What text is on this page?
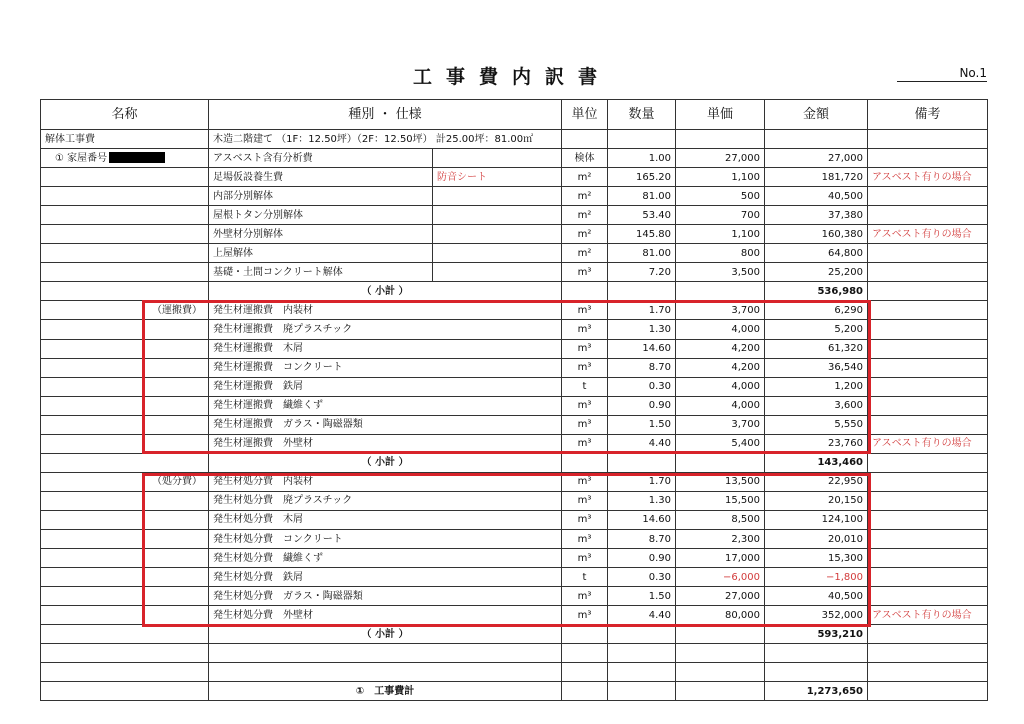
工事費内訳書	No.1
名称	種別 ・ 仕様		単位	数量	単価	金額	備考
解体工事費	木造二階建て （1F：12.50坪）（2F：12.50坪） 計25.00坪：81.00㎡						
① 家屋番号	アスベスト含有分析費		検体	1.00	27,000	27,000	
	足場仮設養生費	防音シート	m²	165.20	1,100	181,720	アスベスト有りの場合
	内部分別解体		m²	81.00	500	40,500	
	屋根トタン分別解体		m²	53.40	700	37,380	
	外壁材分別解体		m²	145.80	1,100	160,380	アスベスト有りの場合
	上屋解体		m²	81.00	800	64,800	
	基礎・土間コンクリート解体		m³	7.20	3,500	25,200	
	（ 小計 ）					536,980	
（運搬費）	発生材運搬費　内装材		m³	1.70	3,700	6,290	
	発生材運搬費　廃プラスチック		m³	1.30	4,000	5,200	
	発生材運搬費　木屑		m³	14.60	4,200	61,320	
	発生材運搬費　コンクリート		m³	8.70	4,200	36,540	
	発生材運搬費　鉄屑		t	0.30	4,000	1,200	
	発生材運搬費　繊維くず		m³	0.90	4,000	3,600	
	発生材運搬費　ガラス・陶磁器類		m³	1.50	3,700	5,550	
	発生材運搬費　外壁材		m³	4.40	5,400	23,760	アスベスト有りの場合
	（ 小計 ）					143,460	
（処分費）	発生材処分費　内装材		m³	1.70	13,500	22,950	
	発生材処分費　廃プラスチック		m³	1.30	15,500	20,150	
	発生材処分費　木屑		m³	14.60	8,500	124,100	
	発生材処分費　コンクリート		m³	8.70	2,300	20,010	
	発生材処分費　繊維くず		m³	0.90	17,000	15,300	
	発生材処分費　鉄屑		t	0.30	−6,000	−1,800	
	発生材処分費　ガラス・陶磁器類		m³	1.50	27,000	40,500	
	発生材処分費　外壁材		m³	4.40	80,000	352,000	アスベスト有りの場合
	（ 小計 ）					593,210	

	①　工事費計					1,273,650	
